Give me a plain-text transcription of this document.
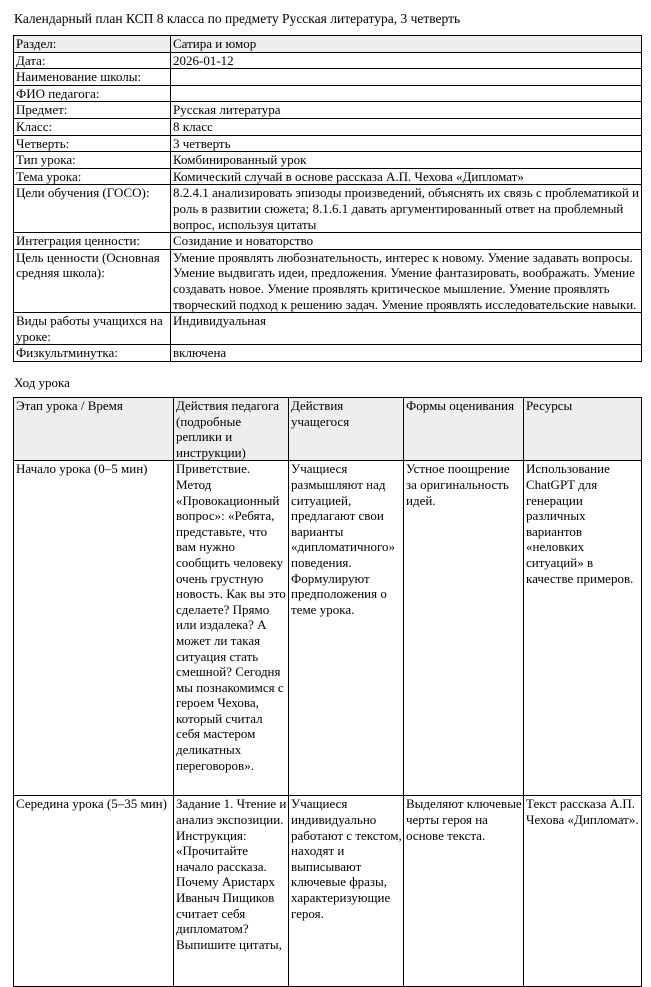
Календарный план КСП 8 класса по предмету Русская литература, 3 четверть
Раздел:	Сатира и юмор
Дата:	2026-01-12
Наименование школы:	
ФИО педагога:	
Предмет:	Русская литература
Класс:	8 класс
Четверть:	3 четверть
Тип урока:	Комбинированный урок
Тема урока:	Комический случай в основе рассказа А.П. Чехова «Дипломат»
Цели обучения (ГОСО):	8.2.4.1 анализировать эпизоды произведений, объяснять их связь с проблематикой и роль в развитии сюжета; 8.1.6.1 давать аргументированный ответ на проблемный вопрос, используя цитаты
Интеграция ценности:	Созидание и новаторство
Цель ценности (Основная средняя школа):	Умение проявлять любознательность, интерес к новому. Умение задавать вопросы. Умение выдвигать идеи, предложения. Умение фантазировать, воображать. Умение создавать новое. Умение проявлять критическое мышление. Умение проявлять творческий подход к решению задач. Умение проявлять исследовательские навыки.
Виды работы учащихся на уроке:	Индивидуальная
Физкультминутка:	включена
Ход урока
Этап урока / Время	Действия педагога (подробные реплики и инструкции)	Действия учащегося	Формы оценивания	Ресурсы
Начало урока (0–5 мин)	Приветствие. Метод «Провокационный вопрос»: «Ребята, представьте, что вам нужно сообщить человеку очень грустную новость. Как вы это сделаете? Прямо или издалека? А может ли такая ситуация стать смешной? Сегодня мы познакомимся с героем Чехова, который считал себя мастером деликатных переговоров».	Учащиеся размышляют над ситуацией, предлагают свои варианты «дипломатичного» поведения. Формулируют предположения о теме урока.	Устное поощрение за оригинальность идей.	Использование ChatGPT для генерации различных вариантов «неловких ситуаций» в качестве примеров.
Середина урока (5–35 мин)	Задание 1. Чтение и анализ экспозиции. Инструкция: «Прочитайте начало рассказа. Почему Аристарх Иваныч Пищиков считает себя дипломатом? Выпишите цитаты,	Учащиеся индивидуально работают с текстом, находят и выписывают ключевые фразы, характеризующие героя.	Выделяют ключевые черты героя на основе текста.	Текст рассказа А.П. Чехова «Дипломат».
